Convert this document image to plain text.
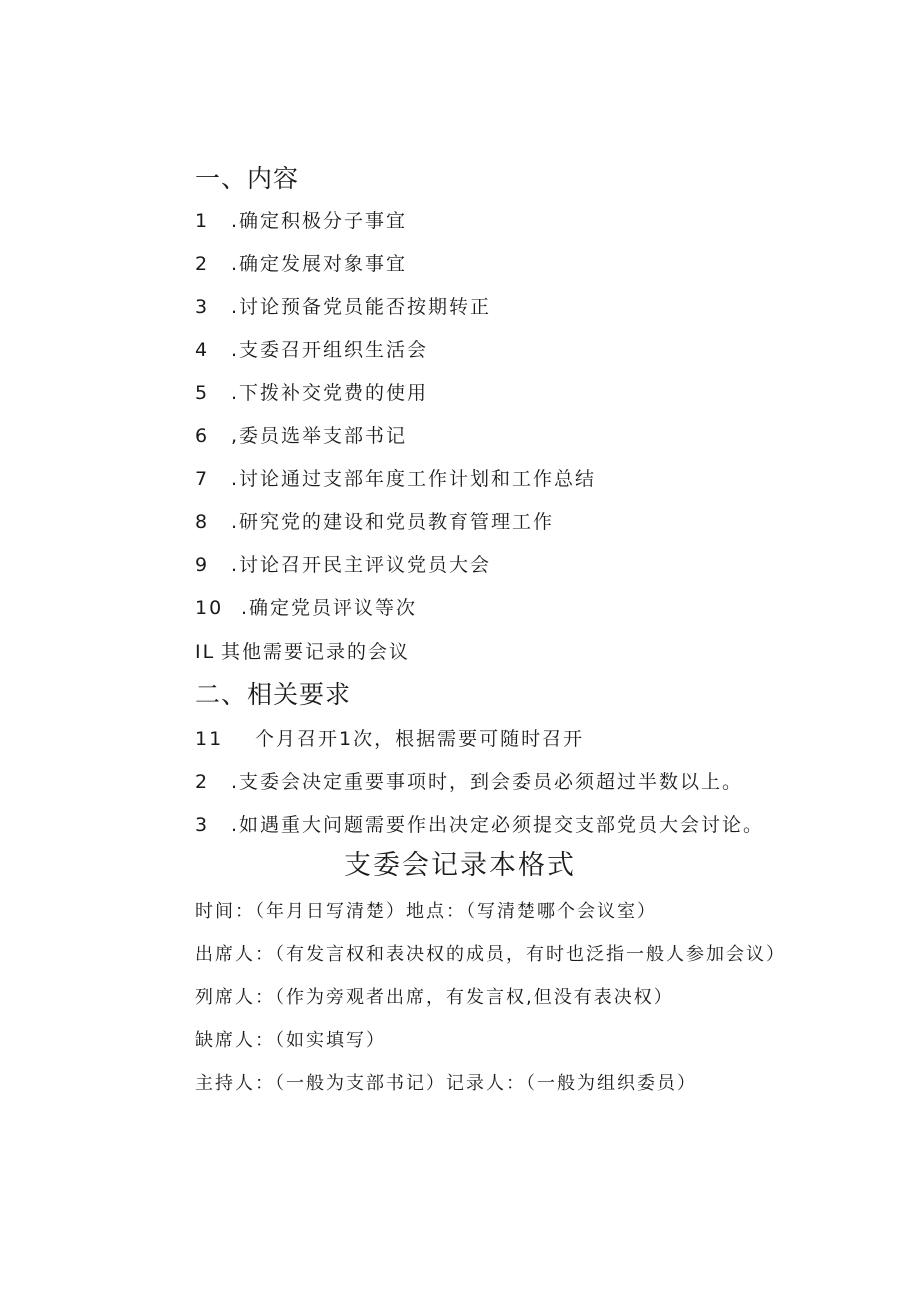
一、内容
1 .确定积极分子事宜
2 .确定发展对象事宜
3 .讨论预备党员能否按期转正
4 .支委召开组织生活会
5 .下拨补交党费的使用
6 ,委员选举支部书记
7 .讨论通过支部年度工作计划和工作总结
8 .研究党的建设和党员教育管理工作
9 .讨论召开民主评议党员大会
10 .确定党员评议等次
IL 其他需要记录的会议
二、相关要求
11 个月召开1次，根据需要可随时召开
2 .支委会决定重要事项时，到会委员必须超过半数以上。
3 .如遇重大问题需要作出决定必须提交支部党员大会讨论。
支委会记录本格式
时间：（年月日写清楚）地点：（写清楚哪个会议室）
出席人：（有发言权和表决权的成员，有时也泛指一般人参加会议）
列席人：（作为旁观者出席，有发言权,但没有表决权）
缺席人：（如实填写）
主持人：（一般为支部书记）记录人：（一般为组织委员）
